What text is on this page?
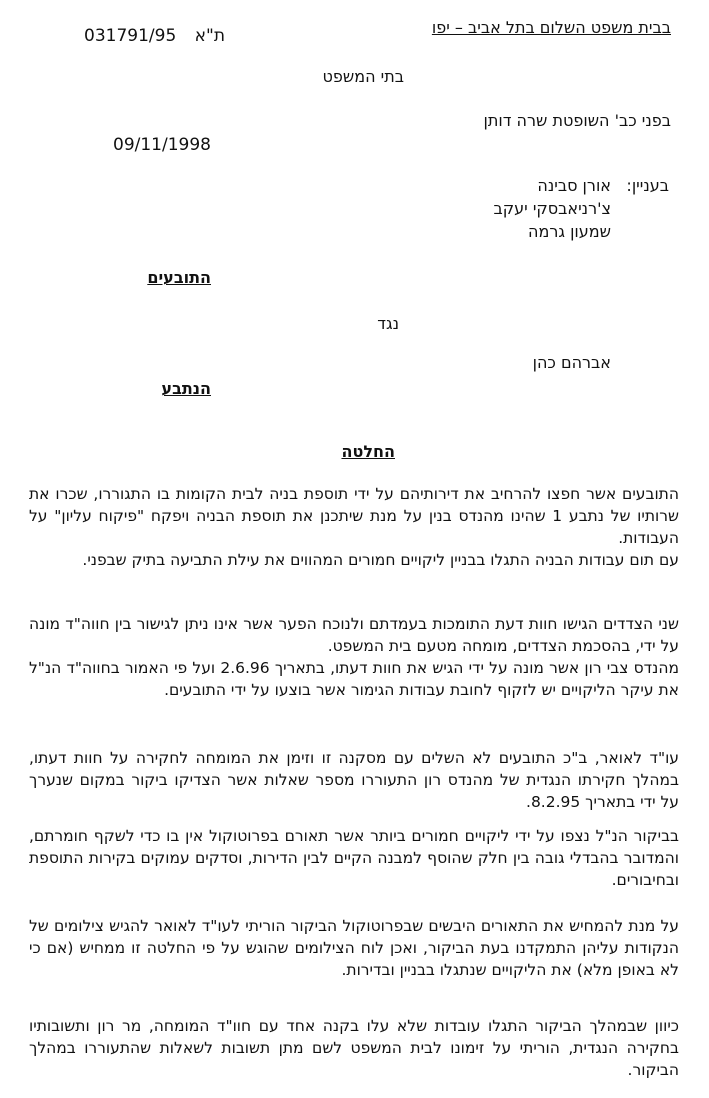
בבית משפט השלום בתל אביב – יפו
031791/95 ת"א
בתי המשפט
בפני כב' השופטת שרה דותן
09/11/1998
בעניין:
אורן סבינה
צ'רניאבסקי יעקב
שמעון גרמה
התובעים
נגד
אברהם כהן
הנתבע
החלטה

התובעים אשר חפצו להרחיב את דירותיהם על ידי תוספת בניה לבית הקומות בו התגוררו, שכרו את שרותיו של נתבע 1 שהינו מהנדס בנין על מנת שיתכנן את תוספת הבניה ויפקח "פיקוח עליון" על העבודות.

עם תום עבודות הבניה התגלו בבניין ליקויים חמורים המהווים את עילת התביעה בתיק שבפני.

שני הצדדים הגישו חוות דעת התומכות בעמדתם ולנוכח הפער אשר אינו ניתן לגישור בין חווה"ד מונה על ידי, בהסכמת הצדדים, מומחה מטעם בית המשפט.

מהנדס צבי רון אשר מונה על ידי הגיש את חוות דעתו, בתאריך 2.6.96 ועל פי האמור בחווה"ד הנ"ל את עיקר הליקויים יש לזקוף לחובת עבודות הגימור אשר בוצעו על ידי התובעים.

עו"ד לאואר, ב"כ התובעים לא השלים עם מסקנה זו וזימן את המומחה לחקירה על חוות דעתו, במהלך חקירתו הנגדית של מהנדס רון התעוררו מספר שאלות אשר הצדיקו ביקור במקום שנערך על ידי בתאריך 8.2.95.

בביקור הנ"ל נצפו על ידי ליקויים חמורים ביותר אשר תאורם בפרוטוקול אין בו כדי לשקף חומרתם, והמדובר בהבדלי גובה בין חלק שהוסף למבנה הקיים לבין הדירות, וסדקים עמוקים בקירות התוספת ובחיבורים.

על מנת להמחיש את התאורים היבשים שבפרוטוקול הביקור הוריתי לעו"ד לאואר להגיש צילומים של הנקודות עליהן התמקדנו בעת הביקור, ואכן לוח הצילומים שהוגש על פי החלטה זו ממחיש (אם כי לא באופן מלא) את הליקויים שנתגלו בבניין ובדירות.

כיוון שבמהלך הביקור התגלו עובדות שלא עלו בקנה אחד עם חוו"ד המומחה, מר רון ותשובותיו בחקירה הנגדית, הוריתי על זימונו לבית המשפט לשם מתן תשובות לשאלות שהתעוררו במהלך הביקור.
